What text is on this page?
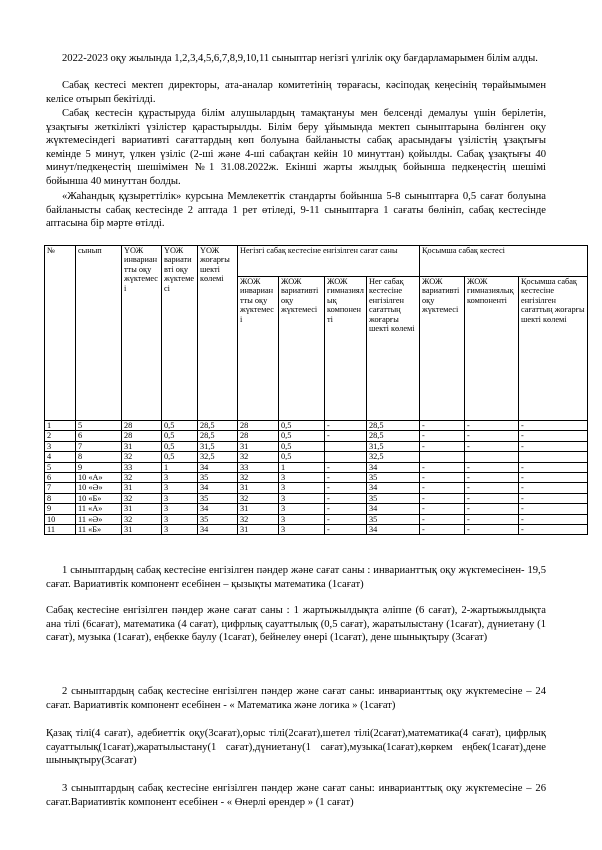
2022-2023 оқу жылында 1,2,3,4,5,6,7,8,9,10,11 сыныптар негізгі үлгілік оқу бағдарламарымен білім алды.

Сабақ кестесі мектеп директоры, ата-аналар комитетінің төрағасы, кәсіподақ кеңесінің төрайымымен келісе отырып бекітілді.

Сабақ кестесін құрастыруда білім алушылардың тамақтануы мен белсенді демалуы үшін берілетін, ұзақтығы жеткілікті үзілістер қарастырылды. Білім беру ұйымында мектеп сыныптарына бөлінген оқу жүктемесіндегі вариативті сағаттардың көп болуына байланысты сабақ арасындағы үзілістің ұзақтығы кемінде 5 минут, үлкен үзіліс (2-ші және 4-ші сабақтан кейін 10 минуттан) қойылды. Сабақ ұзақтығы 40 минут/педкеңестің шешімімен №1 31.08.2022ж. Екінші жарты жылдық бойынша педкеңестің шешімі бойынша 40 минуттан болды.

«Жаһандық құзыреттілік» курсына Мемлекеттік стандарты бойынша 5-8 сыныптарға 0,5 сағат болуына байланысты сабақ кестесінде 2 аптада 1 рет өтіледі, 9-11 сыныптарға 1 сағаты бөлініп, сабақ кестесінде аптасына бір мәрте өтілді.

№	сынып	ҮОЖ инвариантты оқу жүктемесі	ҮОЖ вариативті оқу жүктемесі	ҮОЖ жоғарғы шекті көлемі	Негізгі сабақ кестесіне енгізілген сағат саны				Қосымша сабақ кестесі		
					ЖОЖ инвариантты оқу жүктемесі	ЖОЖ вариативті оқу жүктемесі	ЖОЖ гимназиялық компоненті	Нег сабақ кестесіне енгізілген сағаттың жоғарғы шекті көлемі	ЖОЖ вариативті оқу жүктемесі	ЖОЖ гимназиялық компоненті	Қосымша сабақ кестесіне енгізілген сағаттың жоғарғы шекті көлемі
1	5	28	0,5	28,5	28	0,5	-	28,5	-	-	-
2	6	28	0,5	28,5	28	0,5	-	28,5	-	-	-
3	7	31	0,5	31,5	31	0,5		31,5	-	-	-
4	8	32	0,5	32,5	32	0,5		32,5			
5	9	33	1	34	33	1	-	34	-	-	-
6	10 «А»	32	3	35	32	3	-	35	-	-	-
7	10 «Ә»	31	3	34	31	3	-	34	-	-	-
8	10 «Б»	32	3	35	32	3	-	35	-	-	-
9	11 «А»	31	3	34	31	3	-	34	-	-	-
10	11 «Ә»	32	3	35	32	3	-	35	-	-	-
11	11 «Б»	31	3	34	31	3	-	34	-	-	-

1 сыныптардың сабақ кестесіне енгізілген пәндер және сағат саны : инварианттық оқу жүктемесінен- 19,5 сағат. Вариативтік компонент есебінен – қызықты математика (1сағат)

Сабақ кестесіне енгізілген пәндер және сағат саны : 1 жартыжылдықта әліппе (6 сағат), 2-жартыжылдықта ана тілі (6сағат), математика (4 сағат), цифрлық сауаттылық (0,5 сағат), жаратылыстану (1сағат), дүниетану (1 сағат), музыка (1сағат), еңбекке баулу (1сағат), бейнелеу өнері (1сағат), дене шынықтыру (3сағат)

2 сыныптардың сабақ кестесіне енгізілген пәндер және сағат саны: инварианттық оқу жүктемесіне – 24 сағат. Вариативтік компонент есебінен - « Математика және логика » (1сағат)

Қазақ тілі(4 сағат), әдебиеттік оқу(3сағат),орыс тілі(2сағат),шетел тілі(2сағат),математика(4 сағат), цифрлық сауаттылық(1сағат),жаратылыстану(1 сағат),дүниетану(1 сағат),музыка(1сағат),көркем еңбек(1сағат),дене шынықтыру(3сағат)

3 сыныптардың сабақ кестесіне енгізілген пәндер және сағат саны: инварианттық оқу жүктемесіне – 26 сағат.Вариативтік компонент есебінен - « Өнерлі өрендер » (1 сағат)
